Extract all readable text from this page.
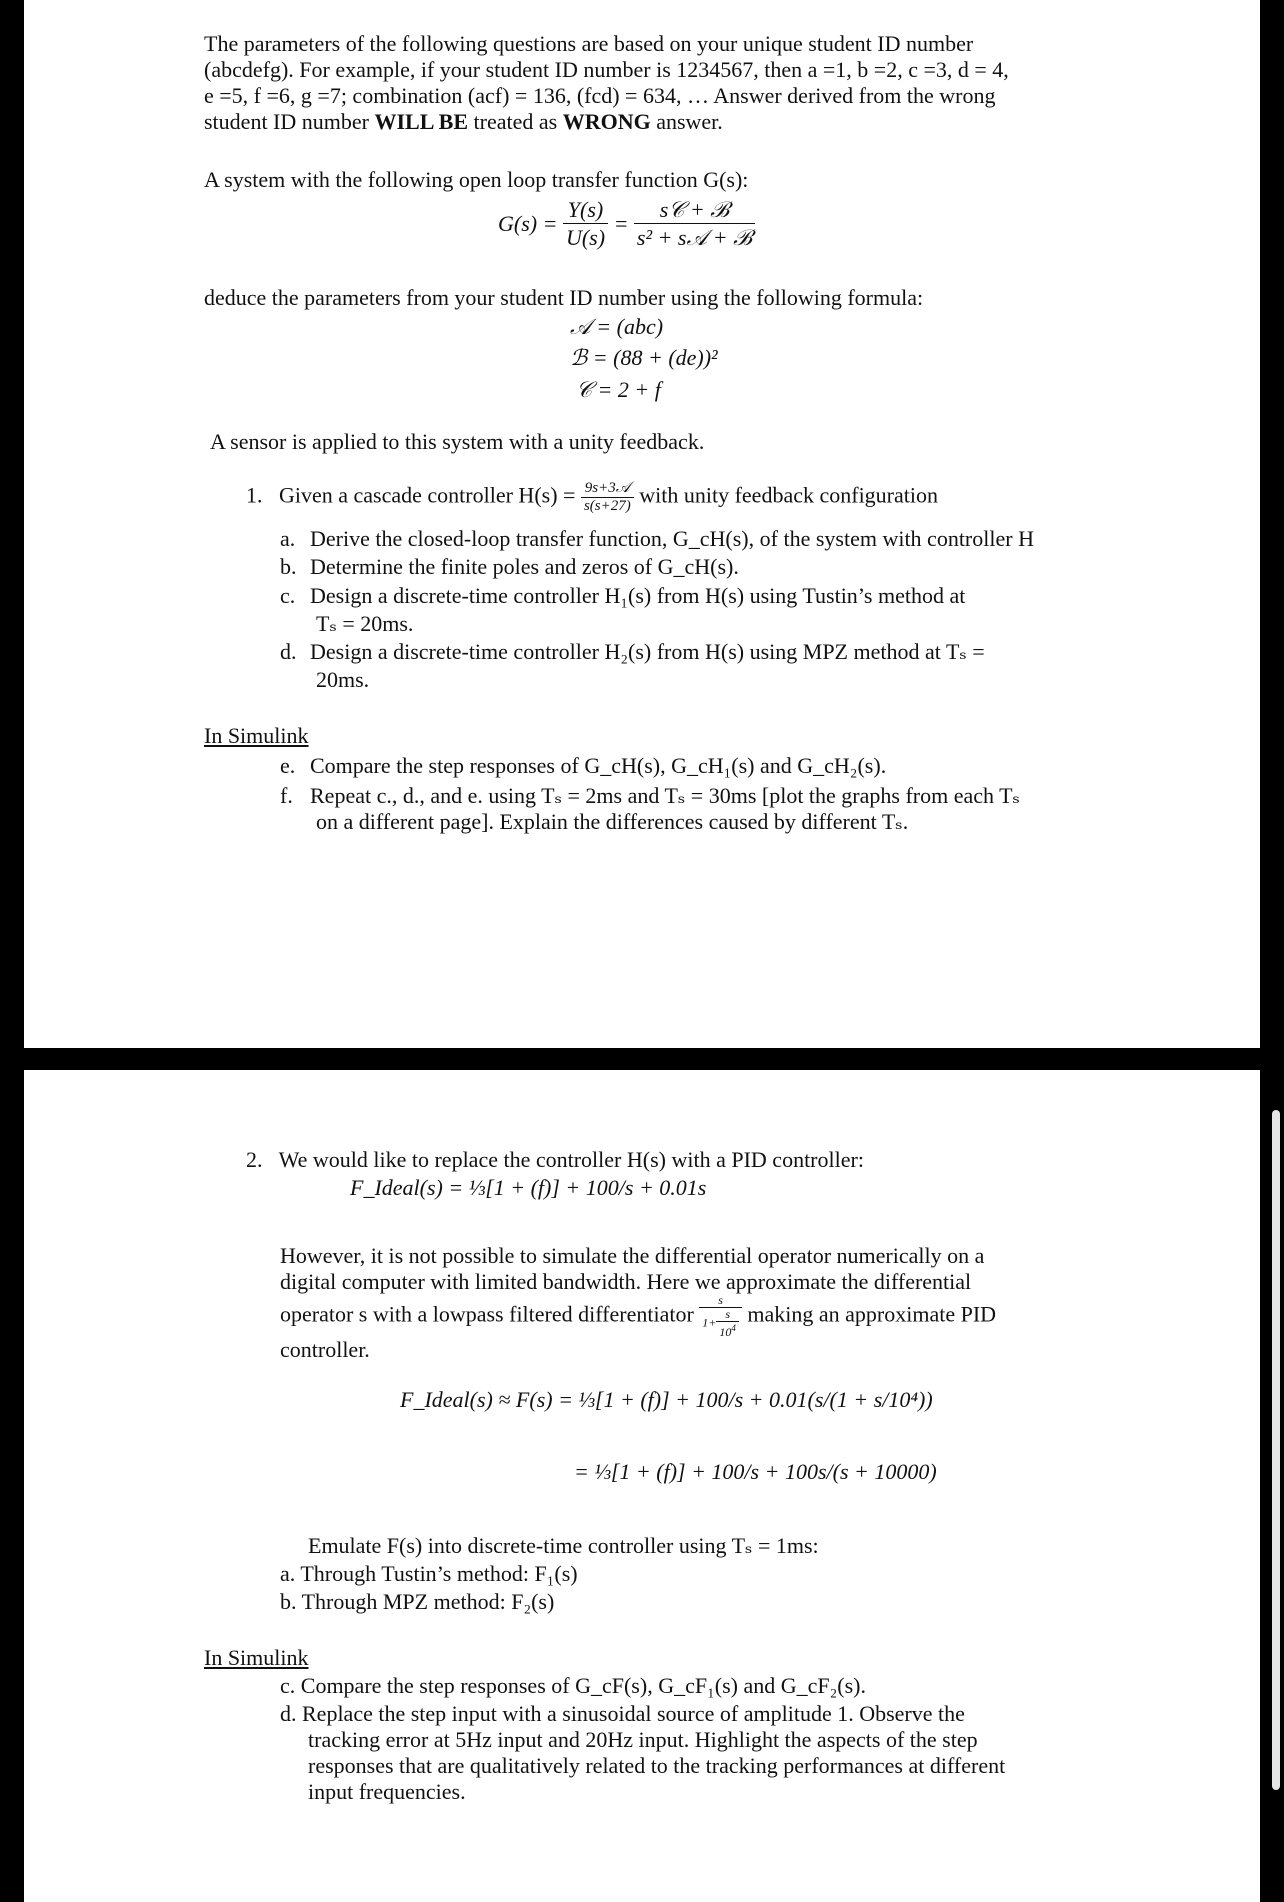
The parameters of the following questions are based on your unique student ID number
(abcdefg). For example, if your student ID number is 1234567, then a =1, b =2, c =3, d = 4,
e =5, f =6, g =7; combination (acf) = 136, (fcd) = 634, … Answer derived from the wrong
student ID number WILL BE treated as WRONG answer.
A system with the following open loop transfer function G(s):
$G(s) = \frac{Y(s)}{U(s)} = \frac{\text{s𝒞 + ℬ}}{\text{s² + s𝒜 + ℬ}}$
deduce the parameters from your student ID number using the following formula:
𝒜 = (abc)
ℬ = (88 + (de))²
𝒞 = 2 + f
A sensor is applied to this system with a unity feedback.
1. Given a cascade controller $H(s) = \frac{\text{9s+3𝒜}}{s(s+27)}$ with unity feedback configuration
a. Derive the closed-loop transfer function, G_cH(s), of the system with controller H
b. Determine the finite poles and zeros of G_cH(s).
c. Design a discrete-time controller H₁(s) from H(s) using Tustin’s method at
Tₛ = 20ms.
d. Design a discrete-time controller H₂(s) from H(s) using MPZ method at Tₛ =
20ms.
In Simulink
e. Compare the step responses of G_cH(s), G_cH₁(s) and G_cH₂(s).
f. Repeat c., d., and e. using Tₛ = 2ms and Tₛ = 30ms [plot the graphs from each Tₛ
on a different page]. Explain the differences caused by different Tₛ.
2. We would like to replace the controller H(s) with a PID controller:
F_Ideal(s) = ⅓[1 + (f)] + 100/s + 0.01s
However, it is not possible to simulate the differential operator numerically on a
digital computer with limited bandwidth. Here we approximate the differential
operator s with a lowpass filtered differentiator $\frac{s}{1+ \frac{s}{10^4}}$ making an approximate PID
controller.
F_Ideal(s) ≈ F(s) = ⅓[1 + (f)] + 100/s + 0.01(s/(1 + s/10⁴))
= ⅓[1 + (f)] + 100/s + 100s/(s + 10000)
Emulate F(s) into discrete-time controller using Tₛ = 1ms:
a. Through Tustin’s method: F₁(s)
b. Through MPZ method: F₂(s)
In Simulink
c. Compare the step responses of G_cF(s), G_cF₁(s) and G_cF₂(s).
d. Replace the step input with a sinusoidal source of amplitude 1. Observe the
tracking error at 5Hz input and 20Hz input. Highlight the aspects of the step
responses that are qualitatively related to the tracking performances at different
input frequencies.
